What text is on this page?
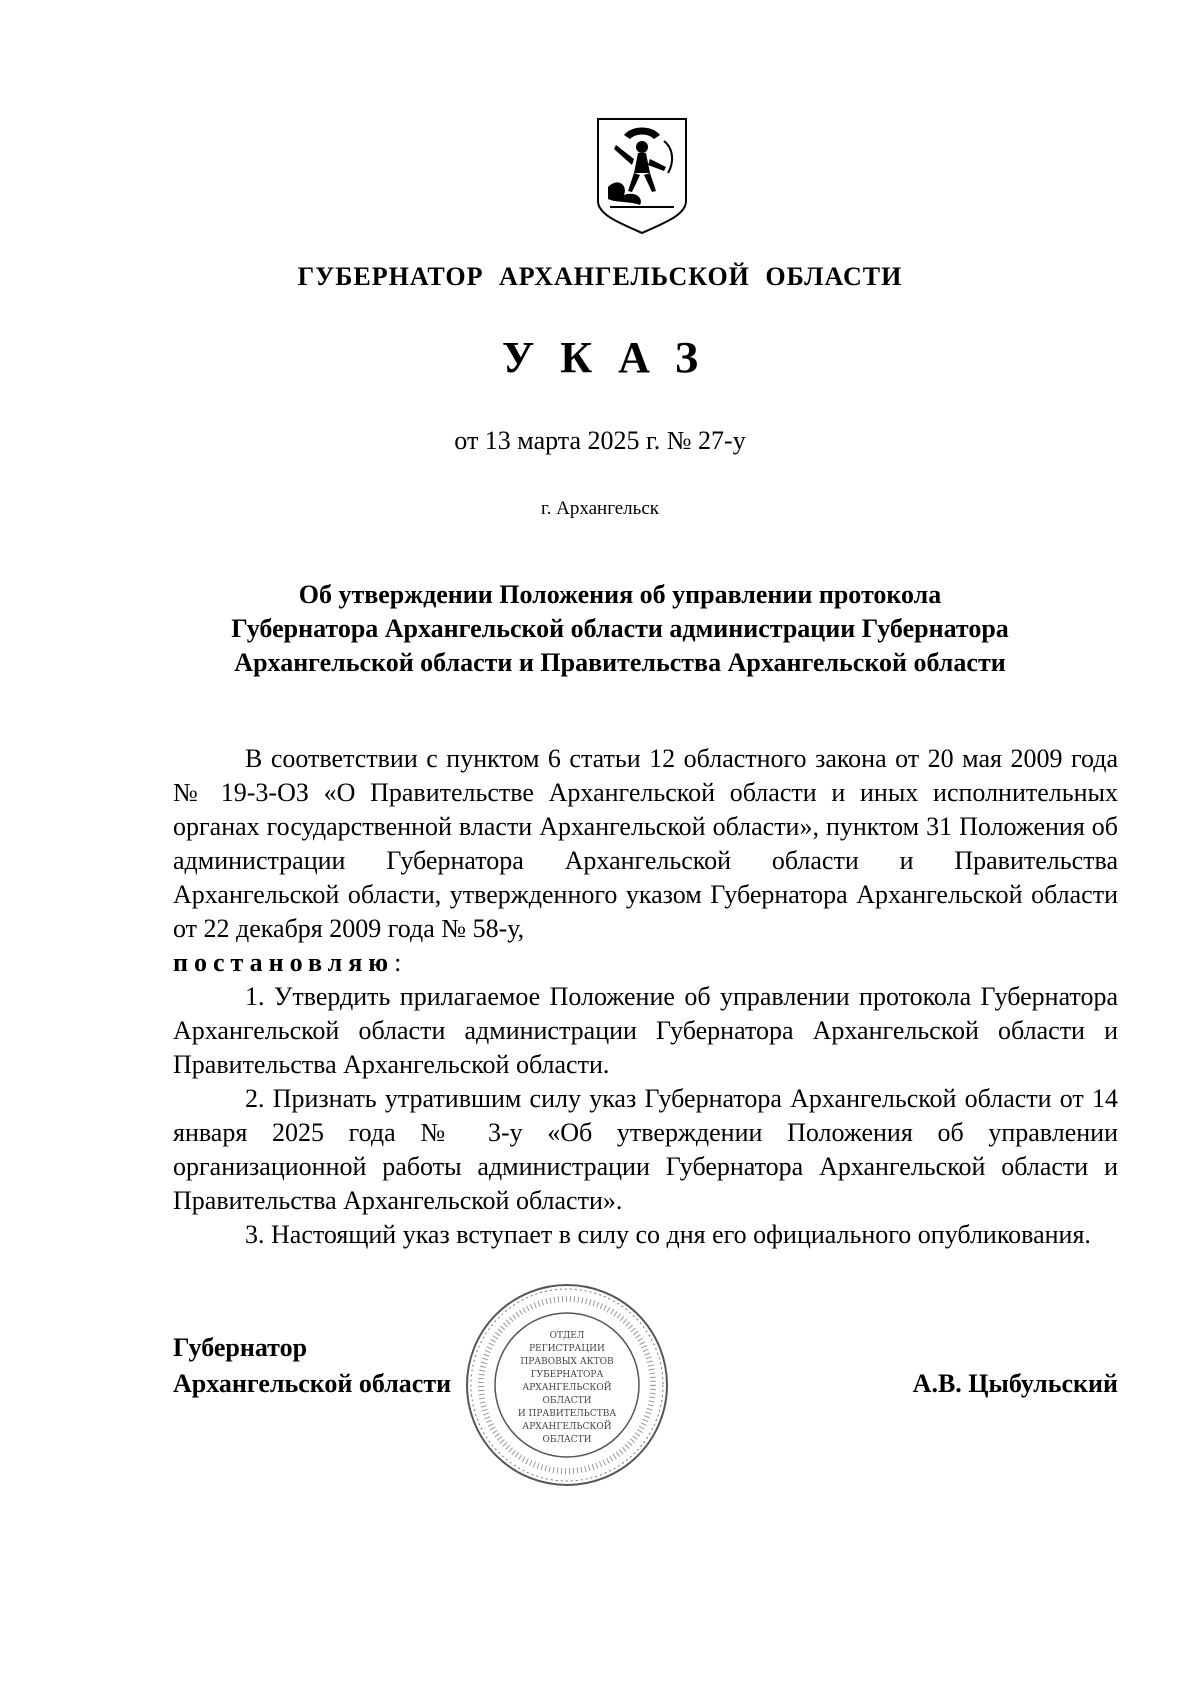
ГУБЕРНАТОР АРХАНГЕЛЬСКОЙ ОБЛАСТИ
УКАЗ
от 13 марта 2025 г. № 27-у
г. Архангельск
Об утверждении Положения об управлении протокола
Губернатора Архангельской области администрации Губернатора
Архангельской области и Правительства Архангельской области

В соответствии с пунктом 6 статьи 12 областного закона от 20 мая 2009 года № 19-3-ОЗ «О Правительстве Архангельской области и иных исполнительных органах государственной власти Архангельской области», пунктом 31 Положения об администрации Губернатора Архангельской области и Правительства Архангельской области, утвержденного указом Губернатора Архангельской области от 22 декабря 2009 года № 58-у,

постановляю:

1. Утвердить прилагаемое Положение об управлении протокола Губернатора Архангельской области администрации Губернатора Архангельской области и Правительства Архангельской области.

2. Признать утратившим силу указ Губернатора Архангельской области от 14 января 2025 года № 3-у «Об утверждении Положения об управлении организационной работы администрации Губернатора Архангельской области и Правительства Архангельской области».

3. Настоящий указ вступает в силу со дня его официального опубликования.

Губернатор
Архангельской области	А.В. Цыбульский
ОТДЕЛ
РЕГИСТРАЦИИ
ПРАВОВЫХ АКТОВ
ГУБЕРНАТОРА
АРХАНГЕЛЬСКОЙ
ОБЛАСТИ
И ПРАВИТЕЛЬСТВА
АРХАНГЕЛЬСКОЙ
ОБЛАСТИ
